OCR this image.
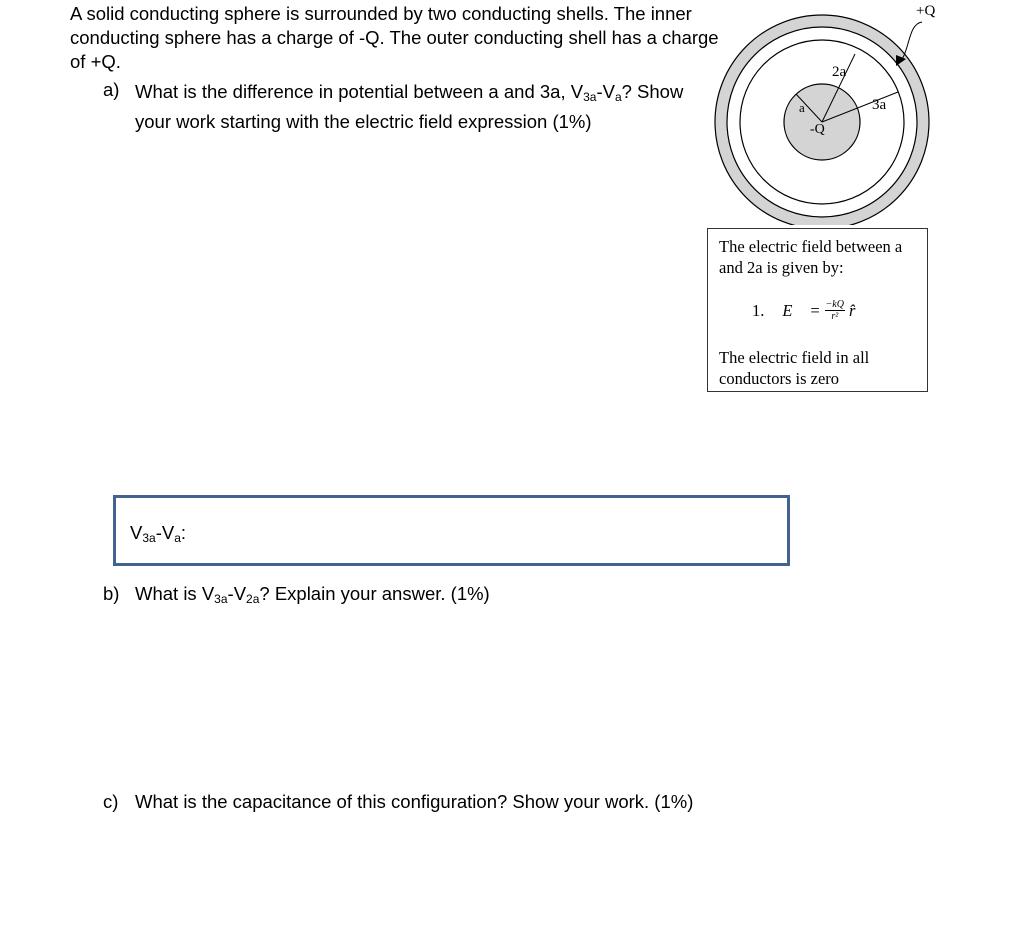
A solid conducting sphere is surrounded by two conducting shells. The inner conducting sphere has a charge of -Q. The outer conducting shell has a charge of +Q.
a) What is the difference in potential between a and 3a, $V_{3a}-V_a$? Show your work starting with the electric field expression (1%)
+Q
2a
3a
a
-Q
The electric field between a and 2a is given by:
1. E⃗ = $\frac{-kQ}{\text{r²}}$ r̂
The electric field in all conductors is zero
$V_{3a}-V_a$:
b) What is $V_{3a}-V_{2a}$? Explain your answer. (1%)
c) What is the capacitance of this configuration? Show your work. (1%)
